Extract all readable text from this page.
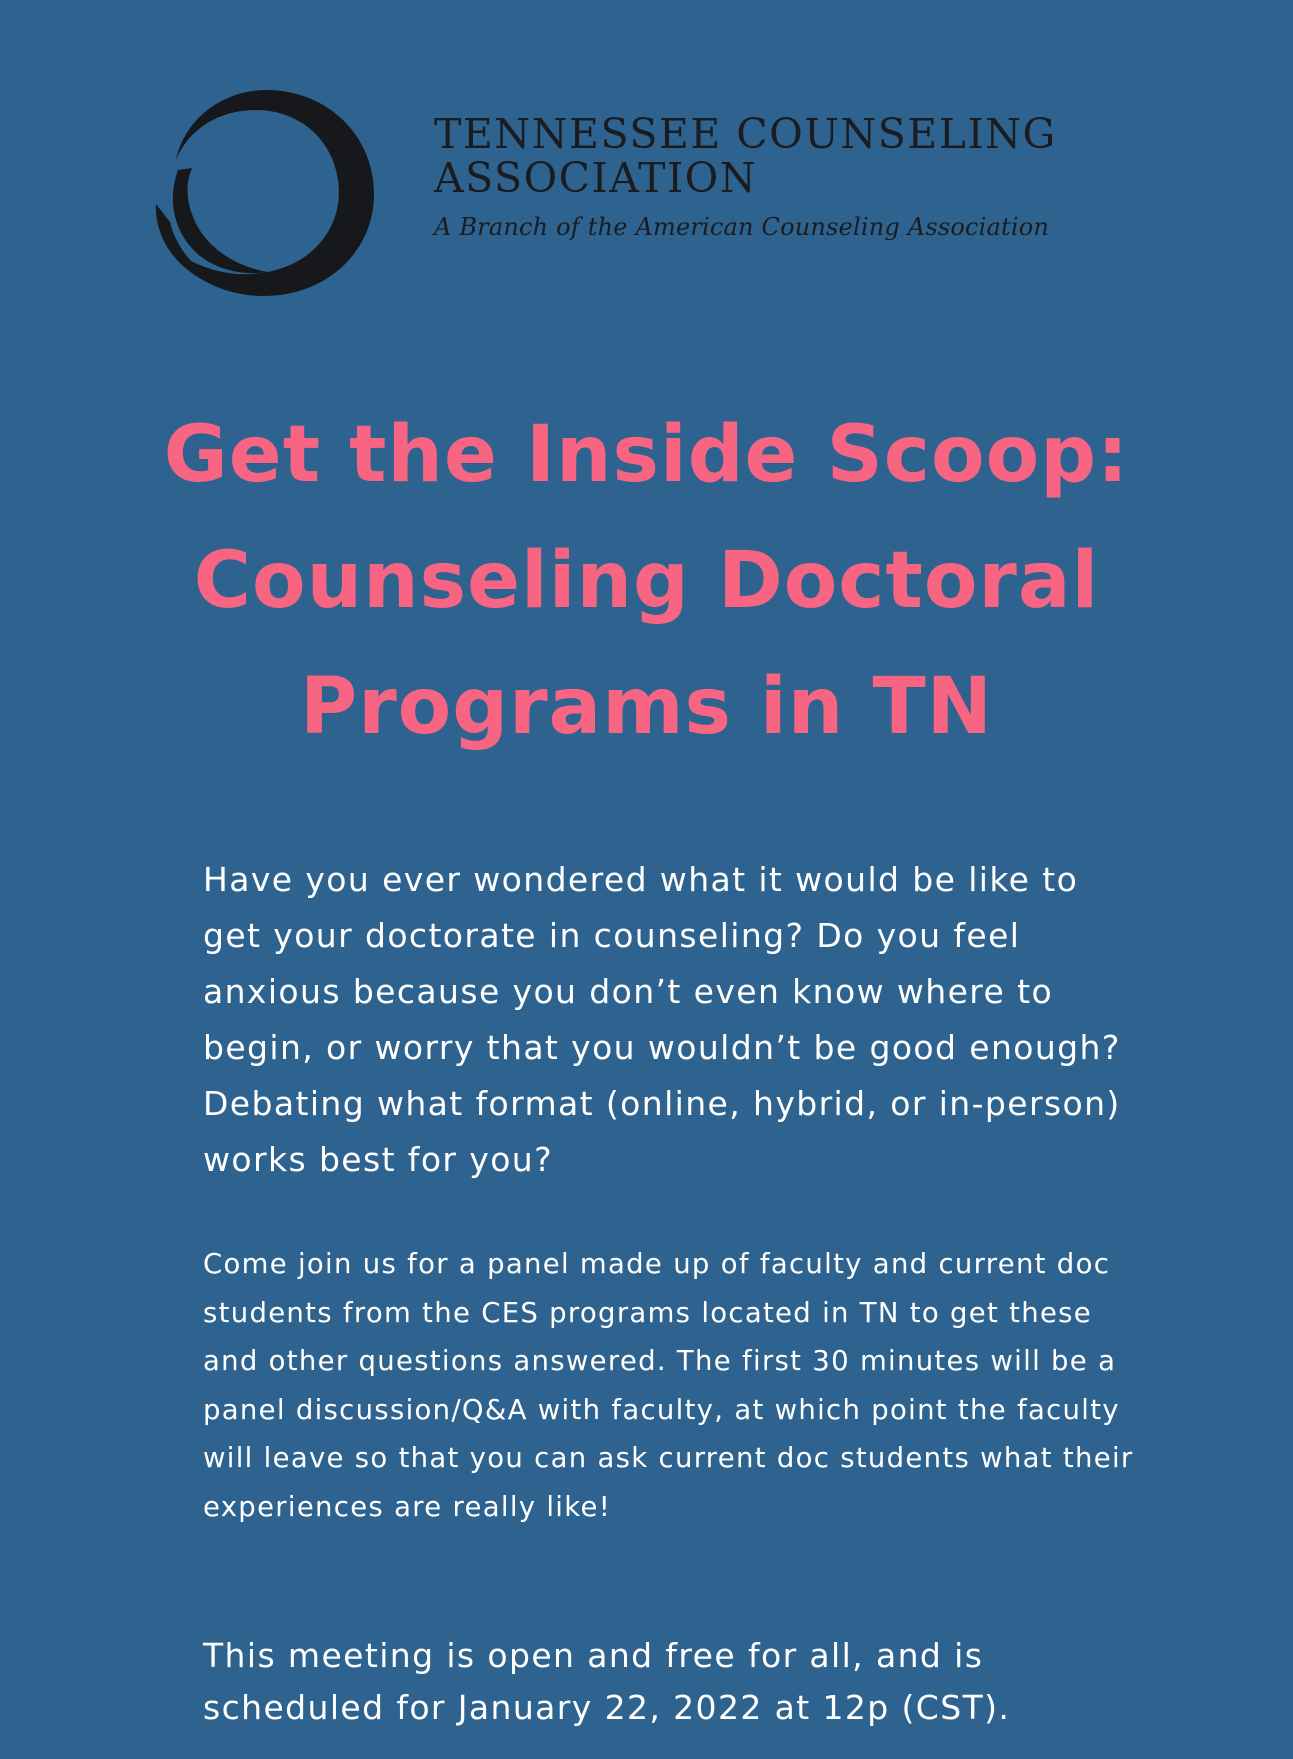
TENNESSEE COUNSELING
ASSOCIATION
A Branch of the American Counseling Association
Get the Inside Scoop:
Counseling Doctoral
Programs in TN

Have you ever wondered what it would be like to get your doctorate in counseling? Do you feel anxious because you don’t even know where to begin, or worry that you wouldn’t be good enough? Debating what format (online, hybrid, or in-person) works best for you?

Come join us for a panel made up of faculty and current doc students from the CES programs located in TN to get these and other questions answered. The first 30 minutes will be a panel discussion/Q&A with faculty, at which point the faculty will leave so that you can ask current doc students what their experiences are really like!

This meeting is open and free for all, and is scheduled for January 22, 2022 at 12p (CST).
